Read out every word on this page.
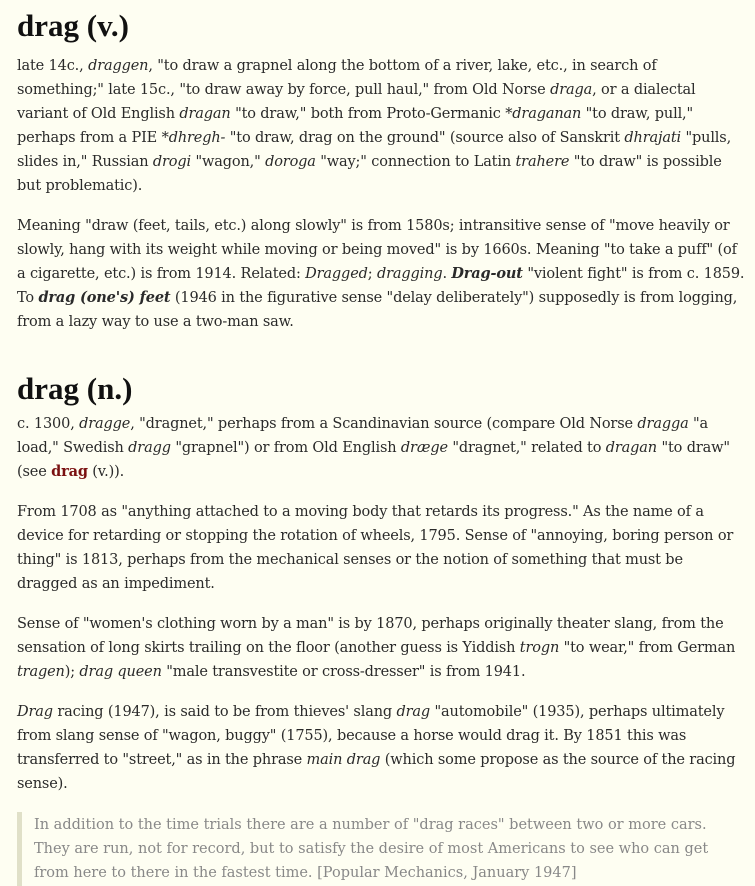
drag (v.)

late 14c., draggen, "to draw a grapnel along the bottom of a river, lake, etc., in search of something;" late 15c., "to draw away by force, pull haul," from Old Norse draga, or a dialectal variant of Old English dragan "to draw," both from Proto-Germanic *draganan "to draw, pull," perhaps from a PIE *dhregh- "to draw, drag on the ground" (source also of Sanskrit dhrajati "pulls, slides in," Russian drogi "wagon," doroga "way;" connection to Latin trahere "to draw" is possible but problematic).

Meaning "draw (feet, tails, etc.) along slowly" is from 1580s; intransitive sense of "move heavily or slowly, hang with its weight while moving or being moved" is by 1660s. Meaning "to take a puff" (of a cigarette, etc.) is from 1914. Related: Dragged; dragging. Drag-out "violent fight" is from c. 1859. To drag (one's) feet (1946 in the figurative sense "delay deliberately") supposedly is from logging, from a lazy way to use a two-man saw.

drag (n.)

c. 1300, dragge, "dragnet," perhaps from a Scandinavian source (compare Old Norse dragga "a load," Swedish dragg "grapnel") or from Old English dræge "dragnet," related to dragan "to draw" (see drag (v.)).

From 1708 as "anything attached to a moving body that retards its progress." As the name of a device for retarding or stopping the rotation of wheels, 1795. Sense of "annoying, boring person or thing" is 1813, perhaps from the mechanical senses or the notion of something that must be dragged as an impediment.

Sense of "women's clothing worn by a man" is by 1870, perhaps originally theater slang, from the sensation of long skirts trailing on the floor (another guess is Yiddish trogn "to wear," from German tragen); drag queen "male transvestite or cross-dresser" is from 1941.

Drag racing (1947), is said to be from thieves' slang drag "automobile" (1935), perhaps ultimately from slang sense of "wagon, buggy" (1755), because a horse would drag it. By 1851 this was transferred to "street," as in the phrase main drag (which some propose as the source of the racing sense).

In addition to the time trials there are a number of "drag races" between two or more cars. They are run, not for record, but to satisfy the desire of most Americans to see who can get from here to there in the fastest time. [Popular Mechanics, January 1947]
